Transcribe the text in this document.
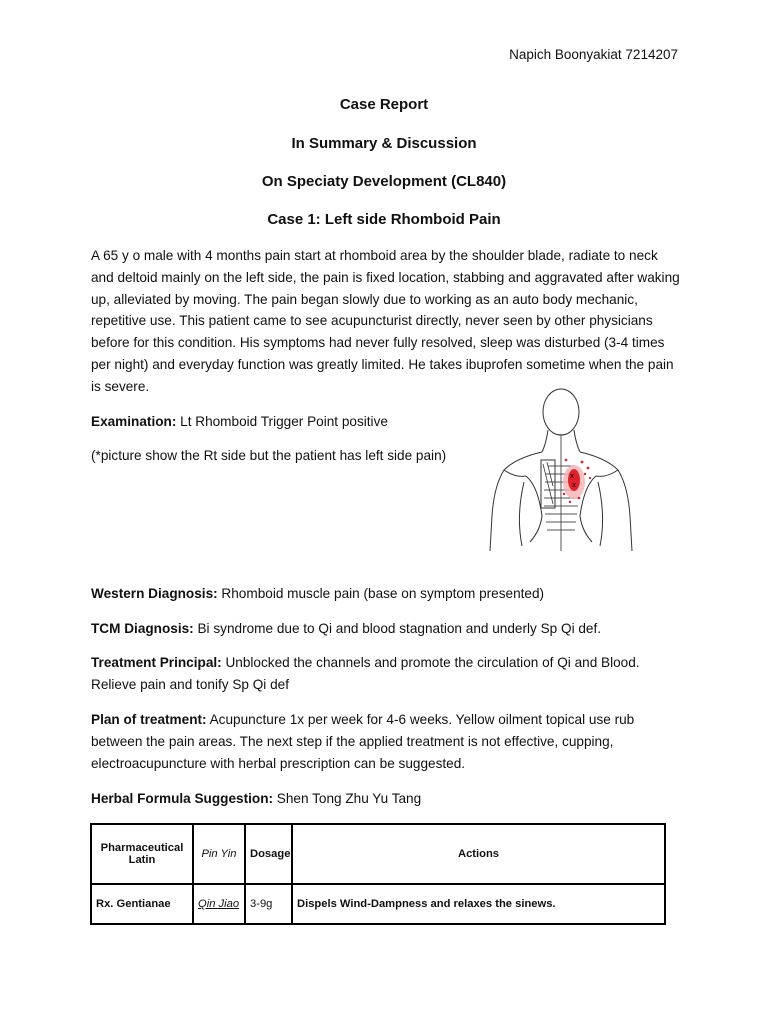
Napich Boonyakiat 7214207
Case Report
In Summary & Discussion
On Speciaty Development (CL840)
Case 1: Left side Rhomboid Pain
A 65 y o male with 4 months pain start at rhomboid area by the shoulder blade, radiate to neck and deltoid mainly on the left side, the pain is fixed location, stabbing and aggravated after waking up, alleviated by moving. The pain began slowly due to working as an auto body mechanic, repetitive use. This patient came to see acupuncturist directly, never seen by other physicians before for this condition. His symptoms had never fully resolved, sleep was disturbed (3-4 times per night) and everyday function was greatly limited. He takes ibuprofen sometime when the pain is severe.
Examination: Lt Rhomboid Trigger Point positive
(*picture show the Rt side but the patient has left side pain)
x
x
Western Diagnosis: Rhomboid muscle pain (base on symptom presented)
TCM Diagnosis: Bi syndrome due to Qi and blood stagnation and underly Sp Qi def.
Treatment Principal: Unblocked the channels and promote the circulation of Qi and Blood. Relieve pain and tonify Sp Qi def
Plan of treatment: Acupuncture 1x per week for 4-6 weeks. Yellow oilment topical use rub between the pain areas. The next step if the applied treatment is not effective, cupping, electroacupuncture with herbal prescription can be suggested.
Herbal Formula Suggestion: Shen Tong Zhu Yu Tang
Pharmaceutical Latin	Pin Yin	Dosage	Actions
Rx. Gentianae	Qin Jiao	3-9g	Dispels Wind-Dampness and relaxes the sinews.
